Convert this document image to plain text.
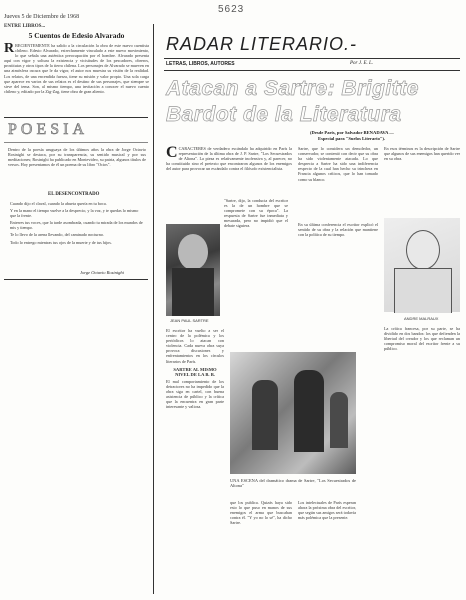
5623
Jueves 5 de Diciembre de 1968
ENTRE LIBROS...
5 Cuentos de Edesio Alvarado
RRECIENTEMENTE ha salido a la circulación la obra de este nuevo cuentista chileno. Edesio Alvarado, estrechamente vinculado a este nuevo movimiento, lo que señala una auténtica preocupación por el hombre. Alvarado presenta aquí con vigor y soltura la existencia y vicisitudes de los pescadores, obreros, prostitutas y otros tipos de la tierra chilena. Los personajes de Alvarado se mueven en una atmósfera oscura que le da vigor, el autor nos muestra su visión de la realidad. Los relatos, de una encendida fuerza, tiene su misión y valor propio. Una sola carga que aparece en varios de sus relatos es el destino de sus personajes, que siempre se sirve del tema. Son, al mismo tiempo, una invitación a conocer el nuevo cuento chileno y, editado por la Zig-Zag, tiene obra de gran aliento.
POESIA
Dentro de la poesía uruguaya de los últimos años la obra de Jorge Octavio Rosinighi se destaca, por su transparencia, su sentido musical y por sus meditaciones; Rosinighi ha publicado en Montevideo, su patria, algunos títulos de versos. Hoy presentamos de él un poema de su libro "Ocios".
EL DESENCONTRADO

Cuando dijo el claval, cuando la abueta quería en tu boca.

Y en la mano el tiempo vuelve a la desprecio, y la voz, y te quedas lo mismo que la frente.

Enterres tus voces, que la tarde asombrada, cuando tu mirada de los mundos de mis y tiempo.

Te lo llevo de la arena llevando, del caminado nocturno.

Todo lo entrego mientras tus ojos de la muerte y de tus hijos.

Jorge Octavio Rosinighi
RADAR LITERARIO.-
LETRAS, LIBROS, AUTORES	Por J. E. L.
Atacan a Sartre: Brigitte
Bardot de la Literatura
(Desde París, por Salvador BENADAVA —
Especial para "Suelos Literario").
CCARACTERES de verdadero escándalo ha adquirido en París la representación de la última obra de J. P. Sartre, "Los Secuestrados de Altona". La pieza es relativamente inofensiva y, al parecer, no ha constituido sino el pretexto que encontraron algunos de los enemigos del autor para provocar un escándalo contra el filósofo existencialista.
Sartre, que lo considera un demoledor, un conservador, se contentó con decir que su obra ha sido violentamente atacada. Lo que desprecia a Sartre ha sido una indiferencia respecto de la cual han hecho su trinchera en Francia algunos críticos, que lo han tomado como su blanco.
En esos términos es la descripción de Sartre que algunos de sus enemigos han querido ver en su obra.
JEAN PAUL SARTRE
"Sartre, dijo, la conducta del escritor es la de un hombre que se compromete con su época". La respuesta de Sartre fue inmediata y mesurada, pero no impidió que el debate siguiera.
El escritor ha vuelto a ser el centro de la polémica y los periódicos lo atacan con violencia. Cada nueva obra suya provoca discusiones y enfrentamientos en los círculos literarios de París.
SARTRE AL MISMO NIVEL DE LA B. B.
El mal comportamiento de los detractores no ha impedido que la obra siga en cartel, con buena asistencia de público y la crítica que la encuentra en gran parte interesante y valiosa.
ANDRE MALRAUX
En su última conferencia el escritor explicó el sentido de su obra y la relación que mantiene con la política de su tiempo.
La crítica francesa, por su parte, se ha dividido en dos bandos: los que defienden la libertad del creador y los que reclaman un compromiso moral del escritor frente a su público.
UNA ESCENA del dramático drama de Sartre, "Los Secuestrados de Altona"
que los publica. Quizás haya sido esto lo que puso en manos de sus enemigos el arma que buscaban contra él. "Y yo no lo sé", ha dicho Sartre.
Los intelectuales de París esperan ahora la próxima obra del escritor, que según sus amigos será todavía más polémica que la presente.
